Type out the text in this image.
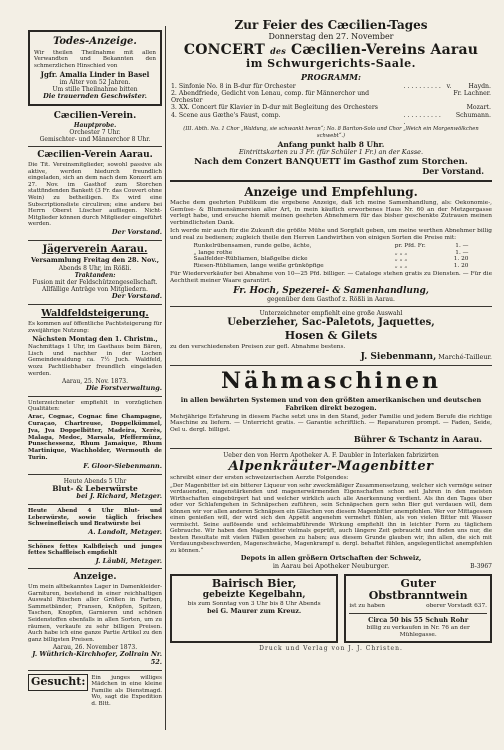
Todes-Anzeige.

Wir theilen Theilnahme mit allen Verwandten und Bekannten den schmerzlichen Hinschied von

Jgfr. Amalia Linder in Basel
im Alter von 52 Jahren.
Um stille Theilnahme bitten
Die trauernden Geschwister.
Cæcilien-Verein.
Hauptprobe.
Orchester 7 Uhr.
Gemischter- und Männerchor 8 Uhr.
Cæcilien-Verein Aarau.

Die Tit. Vereinsmitglieder, sowohl passive als aktive, werden hiedurch freundlich eingeladen, sich an dem nach dem Konzert am 27. Nov. im Gasthof zum Storchen stattfindenden Bankett (3 Fr. das Couvert ohne Wein) zu betheiligen. Es wird eine Subscriptionsliste circuliren; eine andere bei Herrn Oberst Lüscher aufliegen. Nicht-Mitglieder können durch Mitglieder eingeführt werden.

Der Vorstand.
Jägerverein Aarau.
Versammlung Freitag den 28. Nov.,
Abends 8 Uhr, im Rößli.
Traktanden:
Fusion mit der Feldschützengesellschaft.
Allfällige Anträge von Mitgliedern.
Der Vorstand.
Waldfeldsteigerung.

Es kommen auf öffentliche Pachtsteigerung für zweijährige Nutzung:

Nächsten Montag den 1. Christm.,

Nachmittags 1 Uhr, im Gasthaus beim Bären, Lisch und nachher in der Lochen Gemeindewaldung ca. 7½ Juch. Waldfeld, wozu Pachtliebhaber freundlich eingeladen werden.

Aarau, 25. Nov. 1873.
Die Forstverwaltung.

Unterzeichneter empfiehlt in vorzüglichen Qualitäten:

Arac, Cognac, Cognac fine Champagne, Curaçao, Chartreuse, Doppelkümmel, Jva, Jva Doppelbitter, Madeira, Xerès, Malaga, Medoc, Marsala, Pfeffermünz, Punschessenz, Rhum Jamaique, Rhum Martinique, Wachholder, Wermouth de Turin.

F. Gloor-Siebenmann.
Heute Abends 5 Uhr
Blut- & Leberwürste
bei J. Richard, Metzger.

Heute Abend 4 Uhr Blut- und Leberwürste, sowie täglich frisches Schweinefleisch und Bratwürste bei

A. Landolt, Metzger.

Schönes fettes Kalbfleisch und junges fettes Schaffleisch empfiehlt

J. Läubli, Metzger.
Anzeige.

Um mein altbekanntes Lager in Damenkleider-Garnituren, bestehend in einer reichhaltigen Auswahl Rüschen aller Größen in Farben, Sammetbänder, Fransen, Knöpfen, Spitzen, Taschen, Knopfen, Garnieren und schönen Seidenstoffen ebenfalls in allen Sorten, um zu räumen, verkaufe zu sehr billigen Preisen. Auch habe ich eine ganze Partie Artikel zu den ganz billigsten Preisen.

Aarau, 26. November 1873.
J. Wüthrich-Kirchhofer, Zollrain Nr. 52.
Gesucht:	Ein junges williges Mädchen in eine kleine Familie als Dienstmagd. Wo, sagt die Expedition d. Bltt.

Zur Feier des Cæcilien-Tages
Donnerstag den 27. November
CONCERT des Cæcilien-Vereins Aarau
im Schwurgerichts-Saale.
PROGRAMM:
1. Sinfonie No. 8 in B-dur für Orchester	. . . . . . . . . .	v.	Haydn.
2. Abendfriede, Gedicht von Lenau, comp. für Männerchor und Orchester			Fr. Lachner.
3. XX. Concert für Klavier in D-dur mit Begleitung des Orchesters			Mozart.
4. Scene aus Gæthe's Faust, comp.	. . . . . . . . . . .		Schumann.
(III. Abth. No. 1 Chor „Waldung, sie schwankt heran“; No. 8 Bariton-Solo und Chor „Weich ein Morgenwölkchen schwebt“.)
Anfang punkt halb 8 Uhr.
Eintrittskarten zu 3 Fr. (für Schüler 1 Fr.) an der Kasse.
Nach dem Conzert BANQUETT im Gasthof zum Storchen.
Der Vorstand.
Anzeige und Empfehlung.

Mache dem geehrten Publikum die ergebene Anzeige, daß ich meine Samenhandlung, als: Oekonomie-, Gemüse- & Blumensämereien aller Art, in mein käuflich erworbenes Haus Nr. 60 an der Metzgergasse verlegt habe, und ersuche hiemit meinen geehrten Abnehmern für das bisher geschenkte Zutrauen meinen verbindlichsten Dank.

Ich werde mir auch für die Zukunft die größte Mühe und Sorgfalt geben, um meine werthen Abnehmer billig und real zu bedienen; zugleich theile den Herren Landwirthen von einigen Sorten die Preise mit:

Runkelrübensamen, runde gelbe, ächte,	pr. Pfd. Fr.	1. —
„ lange rothe	„ „ „	1. —
Saalfelder-Rübliamen, blaßgelbe dicke	„ „ „	1. 20
Riesen-Rübliamen, lange weiße grünköpfige	„ „ „	1. 20

Für Wiederverkäufer bei Abnahme von 10—25 Pfd. billiger. — Cataloge stehen gratis zu Diensten. — Für die Aechtheit meiner Waare garantirt.

Fr. Hoch, Spezerei- & Samenhandlung,
gegenüber dem Gasthof z. Rößli in Aarau.
Unterzeichneter empfiehlt eine große Auswahl
Ueberzieher, Sac-Paletots, Jaquettes,
Hosen & Gilets
zu den verschiedensten Preisen zur gefl. Abnahme bestens.
J. Siebenmann, Marché-Tailleur.
Nähmaschinen
in allen bewährten Systemen und von den größten amerikanischen und deutschen Fabriken direkt bezogen.

Mehrjährige Erfahrung in diesem Fache setzt uns in den Stand, jeder Familie und jedem Berufe die richtige Maschine zu liefern. — Unterricht gratis. — Garantie schriftlich. — Reparaturen prompt. — Faden, Seide, Oel u. dergl. billigst.

Bührer & Tschantz in Aarau.
Ueber den von Herrn Apotheker A. F. Daubler in Interlaken fabrizirten
Alpenkräuter-Magenbitter
schreibt einer der ersten schweizerischen Aerzte Folgendes:

„Der Magenbitter ist ein bitterer Liqueur von sehr zweckmäßiger Zusammensetzung, welcher sich vermöge seiner verdauenden, magenstärkenden und magenerwärmenden Eigenschaften schon seit Jahren in den meisten Wirthschaften eingebürgert hat und welcher wirklich auch alle Anerkennung verdient. Als ihn den Tages über oder vor Schlafengehen in Schnäpschen zuführen, sein Schnäpschen gern sehn Bier gut verdauen will, dem können wir vor allen anderen Schnäpsen ein Gläschen von diesem Magenbitter anempfehlen. Wer vor Mittagessen einen genießen will, der wird sich den Appetit angenehm vermehrt fühlen, als von vielen Bitter mit Wasser vermischt. Seine auflösende und schleimabführende Wirkung empfiehlt ihn in leichter Form zu täglichem Gebrauche. Wir haben den Magenbitter vielmals geprüft, auch längere Zeit gebraucht und finden uns nur, die besten Resultate mit vielen Fällen gesehen zu haben; aus diesem Grunde glauben wir, ihn allen, die sich mit Verdauungsbeschwerden, Magenschwäche, Magenkrampf u. dergl. behaftet fühlen, angelegentlichst anempfehlen zu können.“

Depots in allen größern Ortschaften der Schweiz,
in Aarau bei Apotheker Neuburger.	B-3967
Bairisch Bier,
gebeizte Kegelbahn,
bis zum Sonntag von 3 Uhr bis 8 Uhr Abends
bei G. Maurer zum Kreuz.
Guter Obstbranntwein
ist zu haben	oberer Vorstadt 637.
Circa 50 bis 55 Schuh Rohr
billig zu verkaufen in Nr. 76 an der Mühlegasse.
Druck und Verlag von J. J. Christen.
